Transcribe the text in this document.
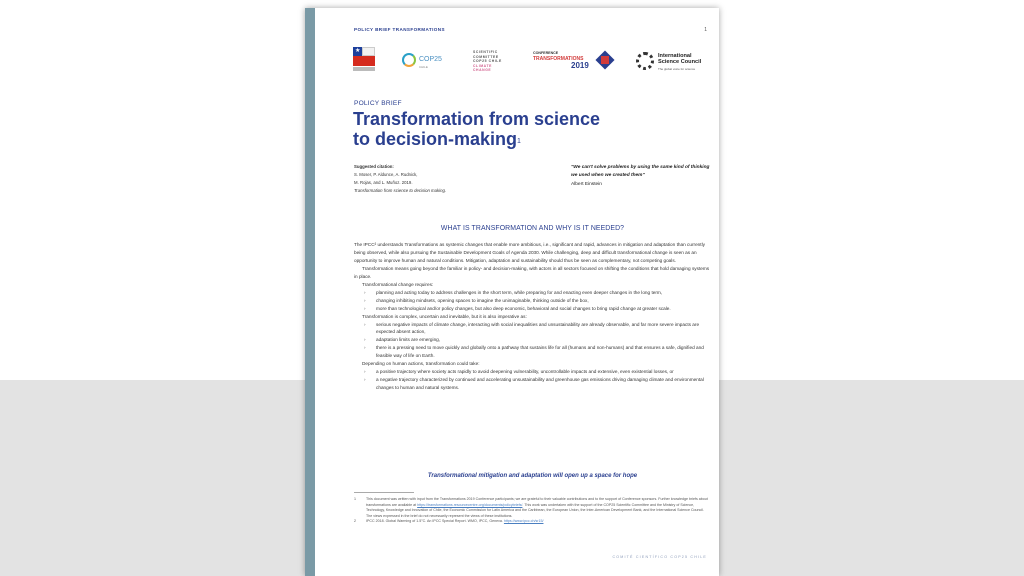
POLICY BRIEF TRANSFORMATIONS	1
★
COP25
CHILE
SCIENTIFIC
COMMITTEE
COP25 CHILE
CLIMATE
CHANGE
CONFERENCE
TRANSFORMATIONS
2019
International
Science Council
The global voice for science
POLICY BRIEF
Transformation from science
to decision-making$^1$
Suggested citation:
S. Moser, P. Aldunce, A. Rudnick,
M. Rojas, and L. Muñoz. 2019.
Transformation from science to decision making.
"We can't solve problems by using the same kind of thinking we used when we created them"
Albert Einstein
WHAT IS TRANSFORMATION AND WHY IS IT NEEDED?

The IPCC² understands Transformations as systemic changes that enable more ambitious, i.e., significant and rapid, advances in mitigation and adaptation than currently being observed, while also pursuing the Sustainable Development Goals of Agenda 2030. While challenging, deep and difficult transformational change is seen as an opportunity to improve human and natural conditions. Mitigation, adaptation and sustainability should thus be seen as complementary, not competing goals.

Transformation means going beyond the familiar in policy- and decision-making, with actors in all sectors focused on shifting the conditions that hold damaging systems in place.

Transformational change requires:

› planning and acting today to address challenges in the short term, while preparing for and enacting even deeper changes in the long term,
› changing inhibiting mindsets, opening spaces to imagine the unimaginable, thinking outside of the box,
› more than technological and/or policy changes, but also deep economic, behavioral and social changes to bring rapid change at greater scale.

Transformation is complex, uncertain and inevitable, but it is also imperative as:

› serious negative impacts of climate change, interacting with social inequalities and unsustainability are already observable, and far more severe impacts are expected absent action,
› adaptation limits are emerging,
› there is a pressing need to move quickly and globally onto a pathway that sustains life for all (humans and non-humans) and that ensures a safe, dignified and feasible way of life on Earth.

Depending on human actions, transformation could take:

› a positive trajectory where society acts rapidly to avoid deepening vulnerability, uncontrollable impacts and extensive, even existential losses, or
› a negative trajectory characterized by continued and accelerating unsustainability and greenhouse gas emissions driving damaging climate and environmental changes to human and natural systems.
Transformational mitigation and adaptation will open up a space for hope

1	This document was written with input from the Transformations 2019 Conference participants; we are grateful to their valuable contributions and to the support of Conference sponsors. Further knowledge briefs about transformations are available at https://transformations.resourcecentre.org/documents/policybriefs/. This work was undertaken with the support of the COP25 Scientific Committee and the Ministry of Science, Technology, Knowledge and Innovation of Chile, the Economic Commission for Latin America and the Caribbean, the European Union, the Inter-American Development Bank, and the International Science Council. The views expressed in the brief do not necessarily represent the views of these institutions.

2	IPCC 2018. Global Warming of 1.5°C. An IPCC Special Report. WMO, IPCC, Geneva. https://www.ipcc.ch/sr15/

COMITÉ CIENTÍFICO COP25 CHILE
